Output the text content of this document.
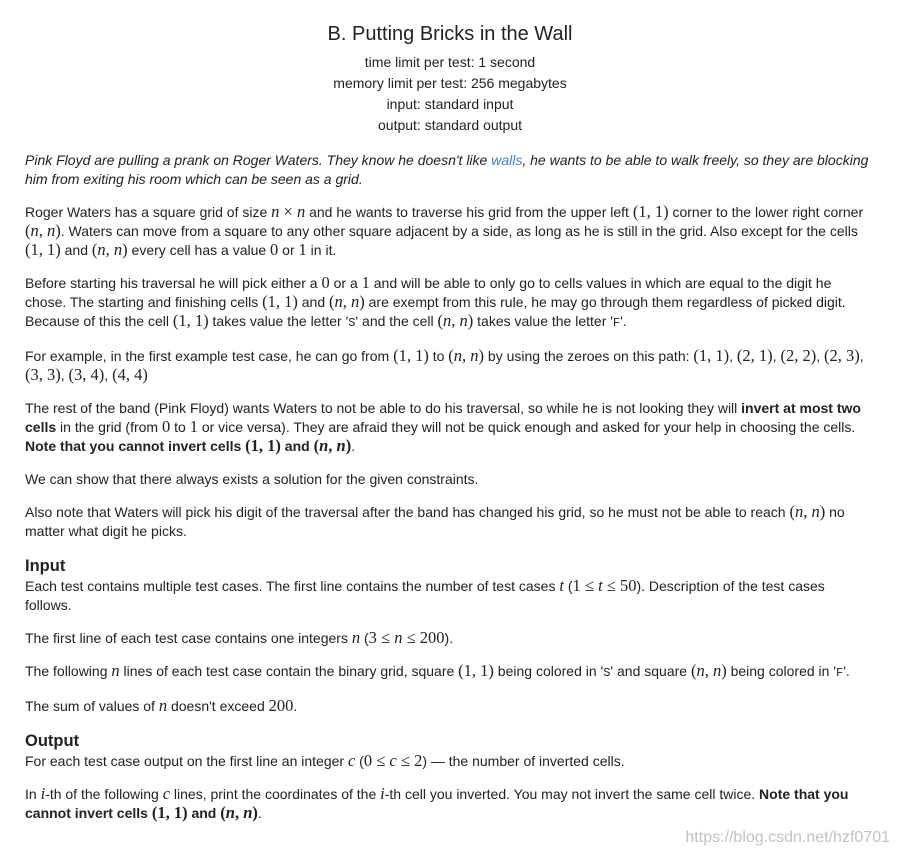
B. Putting Bricks in the Wall
time limit per test: 1 second
memory limit per test: 256 megabytes
input: standard input
output: standard output

Pink Floyd are pulling a prank on Roger Waters. They know he doesn't like walls, he wants to be able to walk freely, so they are blocking him from exiting his room which can be seen as a grid.

Roger Waters has a square grid of size n × n and he wants to traverse his grid from the upper left (1, 1) corner to the lower right corner (n, n). Waters can move from a square to any other square adjacent by a side, as long as he is still in the grid. Also except for the cells (1, 1) and (n, n) every cell has a value 0 or 1 in it.

Before starting his traversal he will pick either a 0 or a 1 and will be able to only go to cells values in which are equal to the digit he chose. The starting and finishing cells (1, 1) and (n, n) are exempt from this rule, he may go through them regardless of picked digit. Because of this the cell (1, 1) takes value the letter 'S' and the cell (n, n) takes value the letter 'F'.

For example, in the first example test case, he can go from (1, 1) to (n, n) by using the zeroes on this path: (1, 1), (2, 1), (2, 2), (2, 3), (3, 3), (3, 4), (4, 4)

The rest of the band (Pink Floyd) wants Waters to not be able to do his traversal, so while he is not looking they will invert at most two cells in the grid (from 0 to 1 or vice versa). They are afraid they will not be quick enough and asked for your help in choosing the cells. Note that you cannot invert cells (1, 1) and (n, n).

We can show that there always exists a solution for the given constraints.

Also note that Waters will pick his digit of the traversal after the band has changed his grid, so he must not be able to reach (n, n) no matter what digit he picks.

Input

Each test contains multiple test cases. The first line contains the number of test cases t (1 ≤ t ≤ 50). Description of the test cases follows.

The first line of each test case contains one integers n (3 ≤ n ≤ 200).

The following n lines of each test case contain the binary grid, square (1, 1) being colored in 'S' and square (n, n) being colored in 'F'.

The sum of values of n doesn't exceed 200.

Output

For each test case output on the first line an integer c (0 ≤ c ≤ 2) — the number of inverted cells.

In i-th of the following c lines, print the coordinates of the i-th cell you inverted. You may not invert the same cell twice. Note that you cannot invert cells (1, 1) and (n, n).

https://blog.csdn.net/hzf0701
